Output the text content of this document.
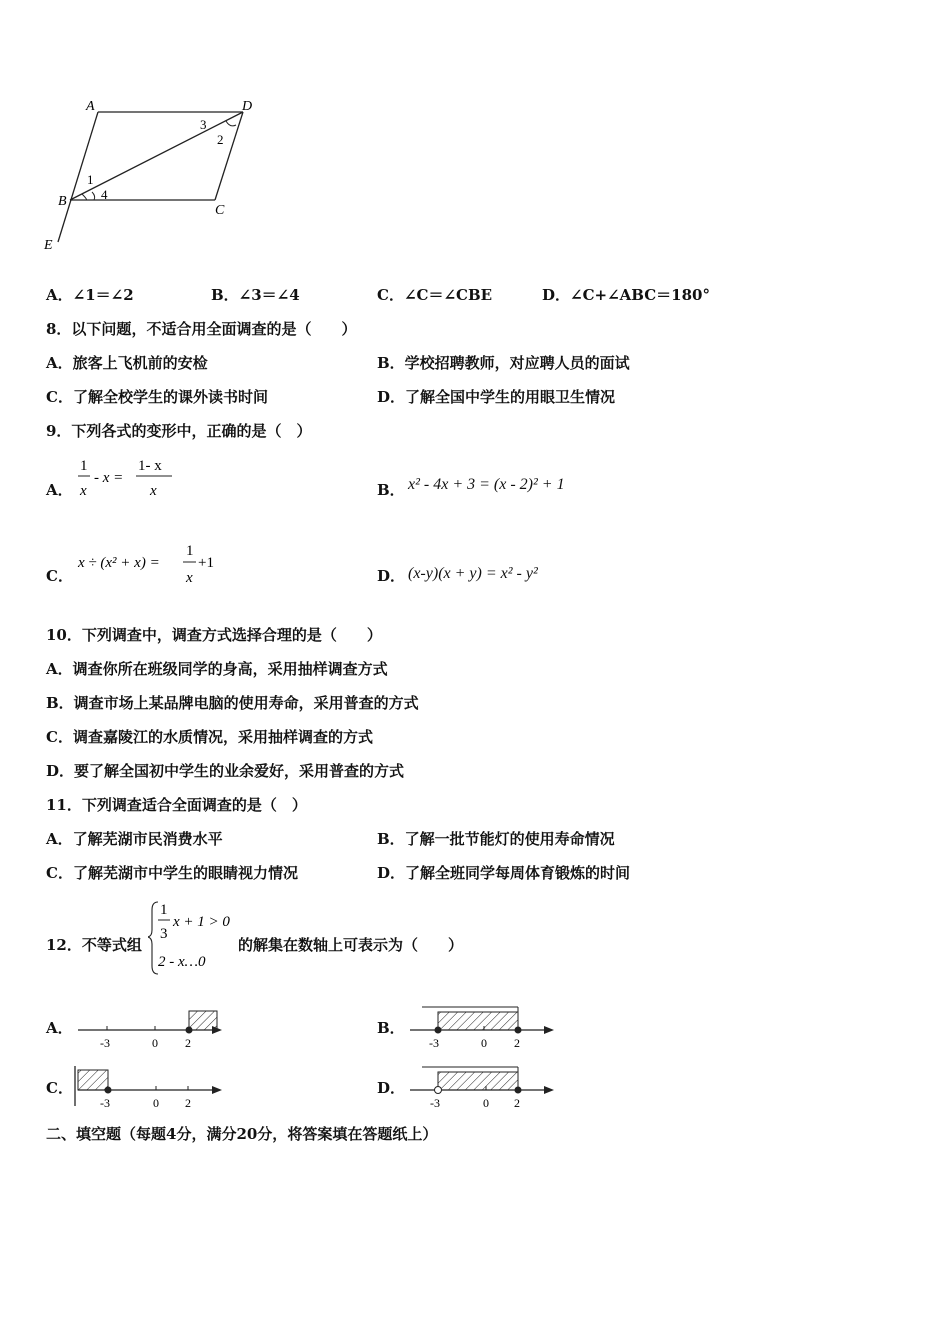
A	D
B
C
E
1
2
3
4
A．∠1＝∠2	B．∠3＝∠4	C．∠C＝∠CBE	D．∠C+∠ABC＝180°
8．以下问题，不适合用全面调查的是（　　）
A．旅客上飞机前的安检	B．学校招聘教师，对应聘人员的面试
C．了解全校学生的课外读书时间	D．了解全国中学生的用眼卫生情况
9．下列各式的变形中，正确的是（　）
A．
1
x
- x =
1- x
x	B． x² - 4x + 3 = (x - 2)² + 1
C．
x ÷ (x² + x) =
1
x
+1
D． (x-y)(x + y) = x² - y²
10．下列调查中，调查方式选择合理的是（　　）
A．调查你所在班级同学的身高，采用抽样调查方式
B．调查市场上某品牌电脑的使用寿命，采用普查的方式
C．调查嘉陵江的水质情况，采用抽样调查的方式
D．要了解全国初中学生的业余爱好，采用普查的方式
11．下列调查适合全面调查的是（　）
A．了解芜湖市民消费水平	B．了解一批节能灯的使用寿命情况
C．了解芜湖市中学生的眼睛视力情况	D．了解全班同学每周体育锻炼的时间
12．不等式组
1
3
x + 1 > 0
2 - x…0
的解集在数轴上可表示为（　　）
A．
-3	0 2
B．
-3	0 2
C．
-3	0 2
D．
-3	0 2
二、填空题（每题4分，满分20分，将答案填在答题纸上）
